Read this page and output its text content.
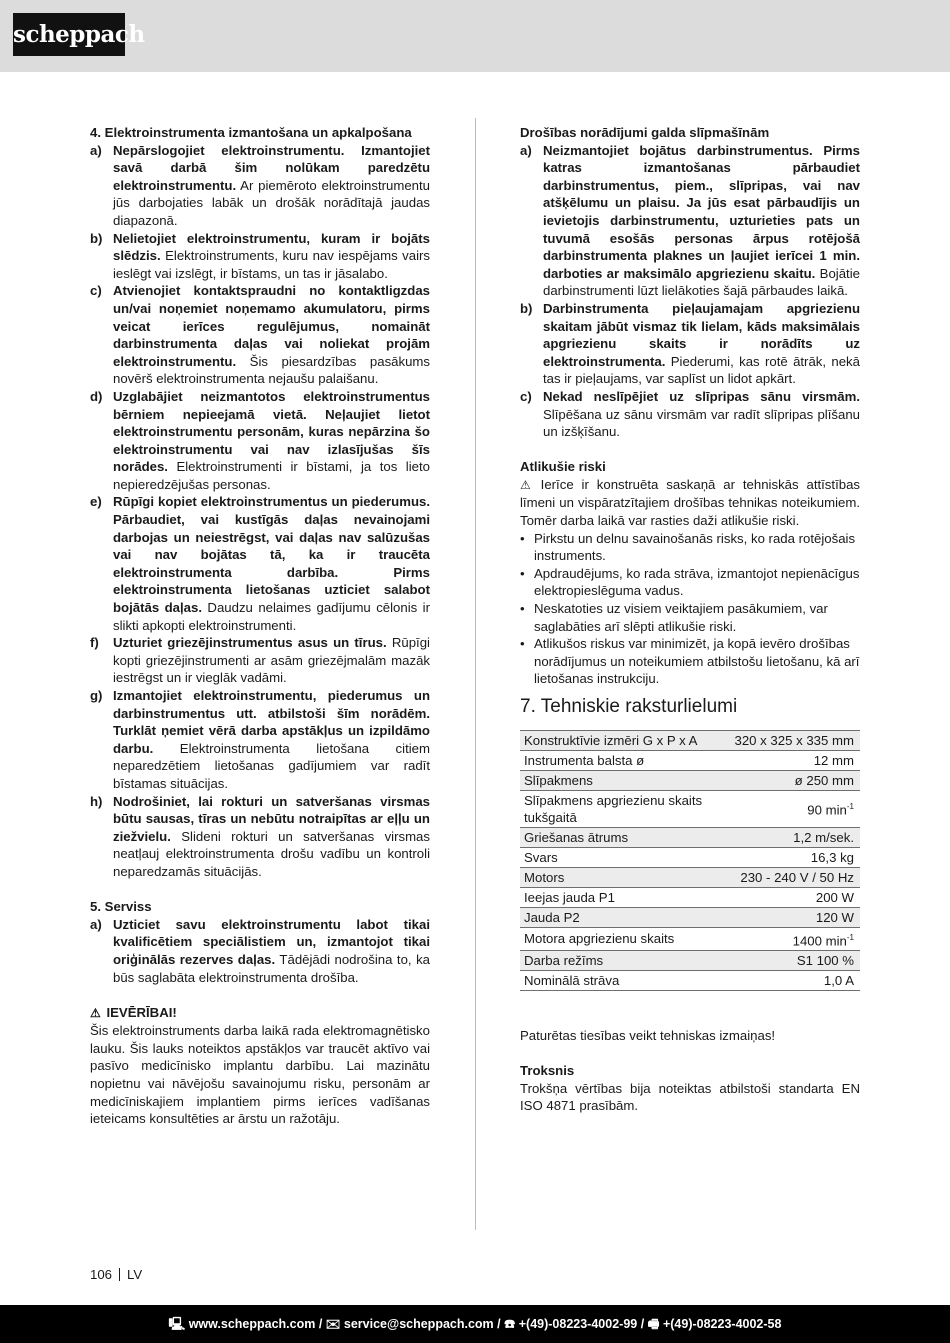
scheppach
4. Elektroinstrumenta izmantošana un apkalpošana
a) Nepārslogojiet elektroinstrumentu. Izmantojiet savā darbā šim nolūkam paredzētu elektroinstrumentu. Ar piemēroto elektroinstrumentu jūs darbojaties labāk un drošāk norādītajā jaudas diapazonā.
b) Nelietojiet elektroinstrumentu, kuram ir bojāts slēdzis. Elektroinstruments, kuru nav iespējams vairs ieslēgt vai izslēgt, ir bīstams, un tas ir jāsalabo.
c) Atvienojiet kontaktspraudni no kontaktligzdas un/vai noņemiet noņemamo akumulatoru, pirms veicat ierīces regulējumus, nomaināt darbinstrumenta daļas vai noliekat projām elektroinstrumentu. Šis piesardzības pasākums novērš elektroinstrumenta nejaušu palaišanu.
d) Uzglabājiet neizmantotos elektroinstrumentus bērniem nepieejamā vietā. Neļaujiet lietot elektroinstrumentu personām, kuras nepārzina šo elektroinstrumentu vai nav izlasījušas šīs norādes. Elektroinstrumenti ir bīstami, ja tos lieto nepieredzējušas personas.
e) Rūpīgi kopiet elektroinstrumentus un piederumus. Pārbaudiet, vai kustīgās daļas nevainojami darbojas un neiestrēgst, vai daļas nav salūzušas vai nav bojātas tā, ka ir traucēta elektroinstrumenta darbība. Pirms elektroinstrumenta lietošanas uzticiet salabot bojātās daļas. Daudzu nelaimes gadījumu cēlonis ir slikti apkopti elektroinstrumenti.
f)	Uzturiet griezējinstrumentus asus un tīrus. Rūpīgi kopti griezējinstrumenti ar asām griezējmalām mazāk iestrēgst un ir vieglāk vadāmi.
g) Izmantojiet elektroinstrumentu, piederumus un darbinstrumentus utt. atbilstoši šīm norādēm. Turklāt ņemiet vērā darba apstākļus un izpildāmo darbu. Elektroinstrumenta lietošana citiem neparedzētiem lietošanas gadījumiem var radīt bīstamas situācijas.
h) Nodrošiniet, lai rokturi un satveršanas virsmas būtu sausas, tīras un nebūtu notraipītas ar eļļu un ziežvielu. Slideni rokturi un satveršanas virsmas neatļauj elektroinstrumenta drošu vadību un kontroli neparedzamās situācijās.
5. Serviss
a) Uzticiet savu elektroinstrumentu labot tikai kvalificētiem speciālistiem un, izmantojot tikai oriģinālās rezerves daļas. Tādējādi nodrošina to, ka būs saglabāta elektroinstrumenta drošība.
⚠ IEVĒRĪBAI!

Šis elektroinstruments darba laikā rada elektromagnētisko lauku. Šis lauks noteiktos apstākļos var traucēt aktīvo vai pasīvo medicīnisko implantu darbību. Lai mazinātu nopietnu vai nāvējošu savainojumu risku, personām ar medicīniskajiem implantiem pirms ierīces vadīšanas ieteicams konsultēties ar ārstu un ražotāju.

Drošības norādījumi galda slīpmašīnām
a) Neizmantojiet bojātus darbinstrumentus. Pirms katras izmantošanas pārbaudiet darbinstrumentus, piem., slīpripas, vai nav atšķēlumu un plaisu. Ja jūs esat pārbaudījis un ievietojis darbinstrumentu, uzturieties pats un tuvumā esošās personas ārpus rotējošā darbinstrumenta plaknes un ļaujiet ierīcei 1 min. darboties ar maksimālo apgriezienu skaitu. Bojātie darbinstrumenti lūzt lielākoties šajā pārbaudes laikā.
b) Darbinstrumenta pieļaujamajam apgriezienu skaitam jābūt vismaz tik lielam, kāds maksimālais apgriezienu skaits ir norādīts uz elektroinstrumenta. Piederumi, kas rotē ātrāk, nekā tas ir pieļaujams, var saplīst un lidot apkārt.
c) Nekad neslīpējiet uz slīpripas sānu virsmām. Slīpēšana uz sānu virsmām var radīt slīpripas plīšanu un izšķīšanu.
Atlikušie riski

⚠ Ierīce ir konstruēta saskaņā ar tehniskās attīstības līmeni un vispāratzītajiem drošības tehnikas noteikumiem. Tomēr darba laikā var rasties daži atlikušie riski.

• Pirkstu un delnu savainošanās risks, ko rada rotējošais instruments.
• Apdraudējums, ko rada strāva, izmantojot nepienācīgus elektropieslēguma vadus.
• Neskatoties uz visiem veiktajiem pasākumiem, var saglabāties arī slēpti atlikušie riski.
• Atlikušos riskus var minimizēt, ja kopā ievēro drošības norādījumus un noteikumiem atbilstošu lietošanu, kā arī lietošanas instrukciju.
7. Tehniskie raksturlielumi
Konstruktīvie izmēri G x P x A	320 x 325 x 335 mm
Instrumenta balsta ø	12 mm
Slīpakmens	ø 250 mm
Slīpakmens apgriezienu skaits tukšgaitā	90 $\min^{-1}$
Griešanas ātrums	1,2 m/sek.
Svars	16,3 kg
Motors	230 - 240 V / 50 Hz
Ieejas jauda P1	200 W
Jauda P2	120 W
Motora apgriezienu skaits	1400 $\min^{-1}$
Darba režīms	S1 100 %
Nominālā strāva	1,0 A
Paturētas tiesības veikt tehniskas izmaiņas!
Troksnis

Trokšņa vērtības bija noteiktas atbilstoši standarta EN ISO 4871 prasībām.

106 LV
🖳 www.scheppach.com / ✉ service@scheppach.com / ☎ +(49)-08223-4002-99 / 🖷 +(49)-08223-4002-58
